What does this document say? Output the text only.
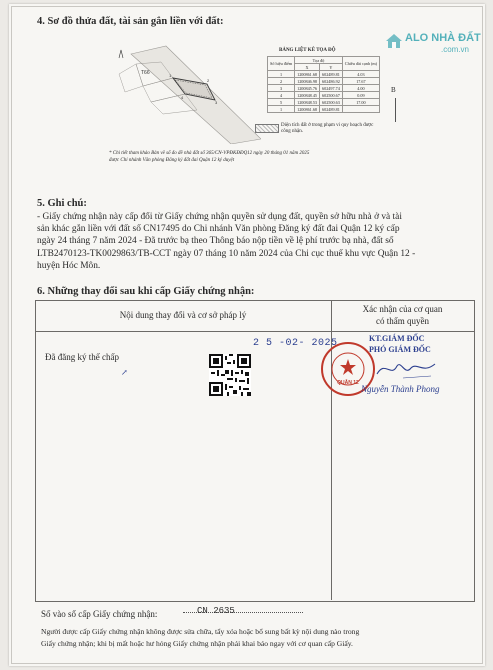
4. Sơ đồ thửa đất, tài sản gắn liền với đất:
T66	1
2
3
4
BẢNG LIỆT KÊ TỌA ĐỘ
Số hiệu điểm	Tọa độ		Chiều dài cạnh (m)
	X	Y	
1	1200861.68	602489.81	4.03
2	1200846.98	602486.92	17.67
3	1200845.76	602497.74	4.00
4	1200848.45	602500.67	0.09
5	1200848.53	602500.63	17.00
1	1200861.68	602489.81	
B
Diện tích đất ở trong phạm vi quy hoạch được công nhận.
* Chi tiết tham khảo Bản vẽ số đo đề nhà đất số 365/CN-VPĐKĐĐQ12 ngày 20 tháng 01 năm 2025
được Chi nhánh Văn phòng Đăng ký đất đai Quận 12 ký duyệt
ALO NHÀ ĐẤT
.com.vn
5. Ghi chú:
- Giấy chứng nhận này cấp đổi từ Giấy chứng nhận quyền sử dụng đất, quyền sở hữu nhà ở và tài
sản khác gắn liền với đất số CN17495 do Chi nhánh Văn phòng Đăng ký đất đai Quận 12 ký cấp
ngày 24 tháng 7 năm 2024 - Đã trước bạ theo Thông báo nộp tiền về lệ phí trước bạ nhà, đất số
LTB2470123-TK0029863/TB-CCT ngày 07 tháng 10 năm 2024 của Chi cục thuế khu vực Quận 12 -
huyện Hóc Môn.
6. Những thay đổi sau khi cấp Giấy chứng nhận:
Nội dung thay đổi và cơ sở pháp lý
Xác nhận của cơ quan
có thẩm quyền
Đã đăng ký thế chấp
↗
2 5 -02- 2025
QUẬN 12
KT.GIÁM ĐỐC
PHÓ GIÁM ĐỐC
Nguyễn Thành Phong
Số vào sổ cấp Giấy chứng nhận:	CN 2635
Người được cấp Giấy chứng nhận không được sửa chữa, tẩy xóa hoặc bổ sung bất kỳ nội dung nào trong
Giấy chứng nhận; khi bị mất hoặc hư hỏng Giấy chứng nhận phải khai báo ngay với cơ quan cấp Giấy.
